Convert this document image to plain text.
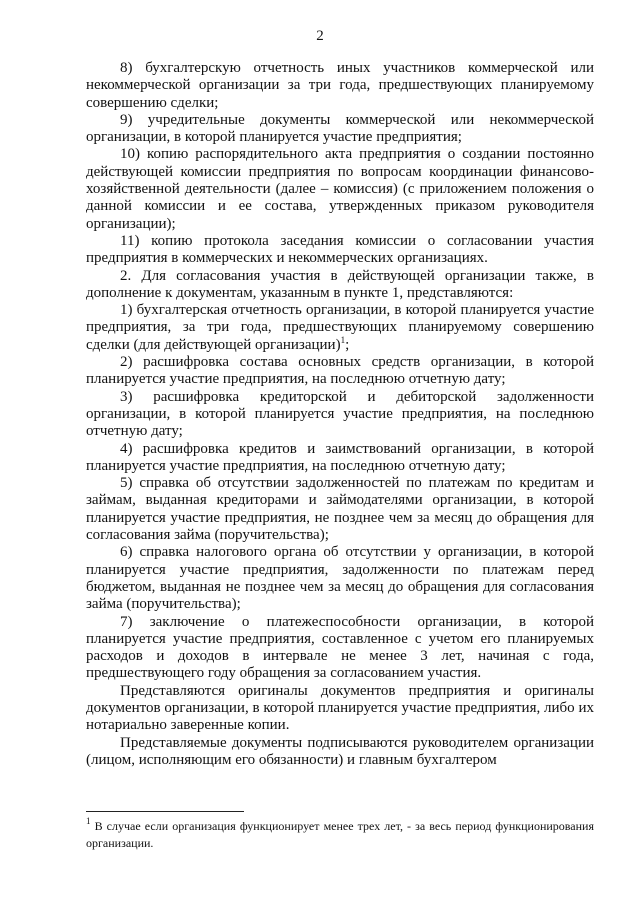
2

8) бухгалтерскую отчетность иных участников коммерческой или некоммерческой организации за три года, предшествующих планируемому совершению сделки;

9) учредительные документы коммерческой или некоммерческой организации, в которой планируется участие предприятия;

10) копию распорядительного акта предприятия о создании постоянно действующей комиссии предприятия по вопросам координации финансово-хозяйственной деятельности (далее – комиссия) (с приложением положения о данной комиссии и ее состава, утвержденных приказом руководителя организации);

11) копию протокола заседания комиссии о согласовании участия предприятия в коммерческих и некоммерческих организациях.

2. Для согласования участия в действующей организации также, в дополнение к документам, указанным в пункте 1, представляются:

1) бухгалтерская отчетность организации, в которой планируется участие предприятия, за три года, предшествующих планируемому совершению сделки (для действующей организации)$^1$;

2) расшифровка состава основных средств организации, в которой планируется участие предприятия, на последнюю отчетную дату;

3) расшифровка кредиторской и дебиторской задолженности организации, в которой планируется участие предприятия, на последнюю отчетную дату;

4) расшифровка кредитов и заимствований организации, в которой планируется участие предприятия, на последнюю отчетную дату;

5) справка об отсутствии задолженностей по платежам по кредитам и займам, выданная кредиторами и займодателями организации, в которой планируется участие предприятия, не позднее чем за месяц до обращения для согласования займа (поручительства);

6) справка налогового органа об отсутствии у организации, в которой планируется участие предприятия, задолженности по платежам перед бюджетом, выданная не позднее чем за месяц до обращения для согласования займа (поручительства);

7) заключение о платежеспособности организации, в которой планируется участие предприятия, составленное с учетом его планируемых расходов и доходов в интервале не менее 3 лет, начиная с года, предшествующего году обращения за согласованием участия.

Представляются оригиналы документов предприятия и оригиналы документов организации, в которой планируется участие предприятия, либо их нотариально заверенные копии.

Представляемые документы подписываются руководителем организации (лицом, исполняющим его обязанности) и главным бухгалтером

$^1$ В случае если организация функционирует менее трех лет, - за весь период функционирования организации.
